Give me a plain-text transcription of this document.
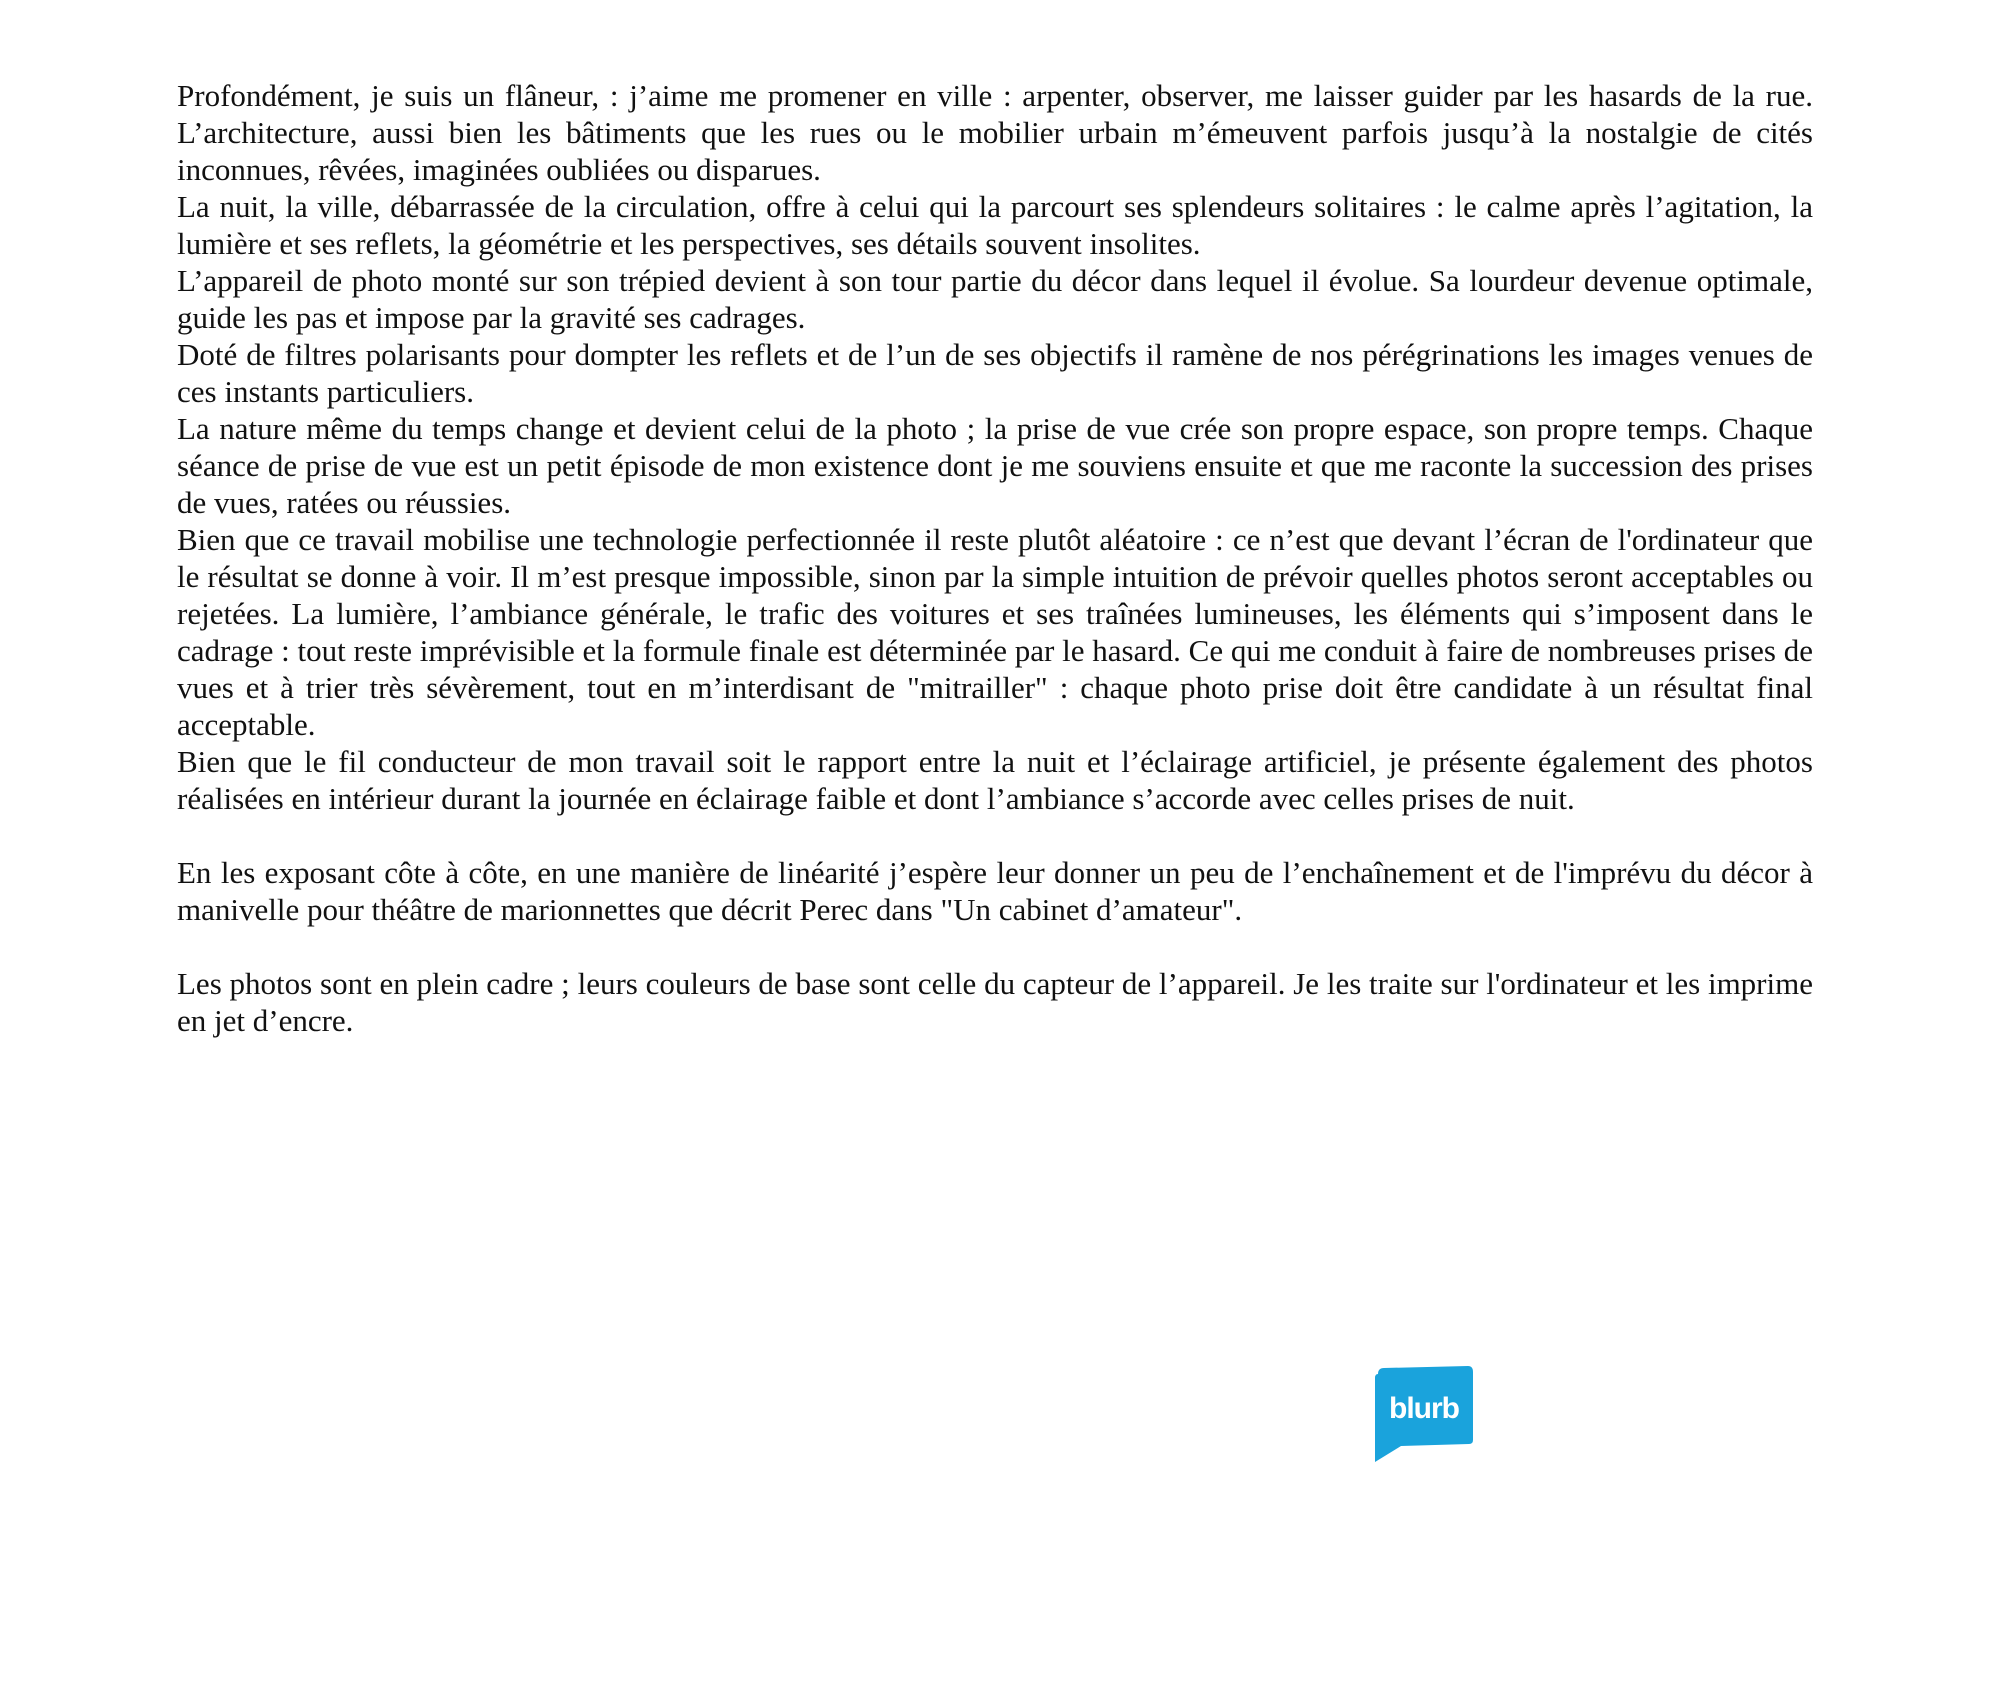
Profondément, je suis un flâneur, : j’aime me promener en ville : arpenter, observer, me laisser guider par les hasards de la rue. L’architecture, aussi bien les bâtiments que les rues ou le mobilier urbain m’émeuvent parfois jusqu’à la nostalgie de cités inconnues, rêvées, imaginées oubliées ou disparues.

La nuit, la ville, débarrassée de la circulation, offre à celui qui la parcourt ses splendeurs solitaires : le calme après l’agitation, la lumière et ses reflets, la géométrie et les perspectives, ses détails souvent insolites.

L’appareil de photo monté sur son trépied devient à son tour partie du décor dans lequel il évolue. Sa lourdeur devenue optimale, guide les pas et impose par la gravité ses cadrages.

Doté de filtres polarisants pour dompter les reflets et de l’un de ses objectifs il ramène de nos pérégrinations les images venues de ces instants particuliers.

La nature même du temps change et devient celui de la photo ; la prise de vue crée son propre espace, son propre temps. Chaque séance de prise de vue est un petit épisode de mon existence dont je me souviens ensuite et que me raconte la succession des prises de vues, ratées ou réussies.

Bien que ce travail mobilise une technologie perfectionnée il reste plutôt aléatoire : ce n’est que devant l’écran de l'ordinateur que le résultat se donne à voir. Il m’est presque impossible, sinon par la simple intuition de prévoir quelles photos seront acceptables ou rejetées. La lumière, l’ambiance générale, le trafic des voitures et ses traînées lumineuses, les éléments qui s’imposent dans le cadrage : tout reste imprévisible et la formule finale est déterminée par le hasard. Ce qui me conduit à faire de nombreuses prises de vues et à trier très sévèrement, tout en m’interdisant de "mitrailler" : chaque photo prise doit être candidate à un résultat final acceptable.

Bien que le fil conducteur de mon travail soit le rapport entre la nuit et l’éclairage artificiel, je présente également des photos réalisées en intérieur durant la journée en éclairage faible et dont l’ambiance s’accorde avec celles prises de nuit.

En les exposant côte à côte, en une manière de linéarité j’espère leur donner un peu de l’enchaînement et de l'imprévu du décor à manivelle pour théâtre de marionnettes que décrit Perec dans "Un cabinet d’amateur".

Les photos sont en plein cadre ; leurs couleurs de base sont celle du capteur de l’appareil. Je les traite sur l'ordinateur et les imprime en jet d’encre.

blurb
